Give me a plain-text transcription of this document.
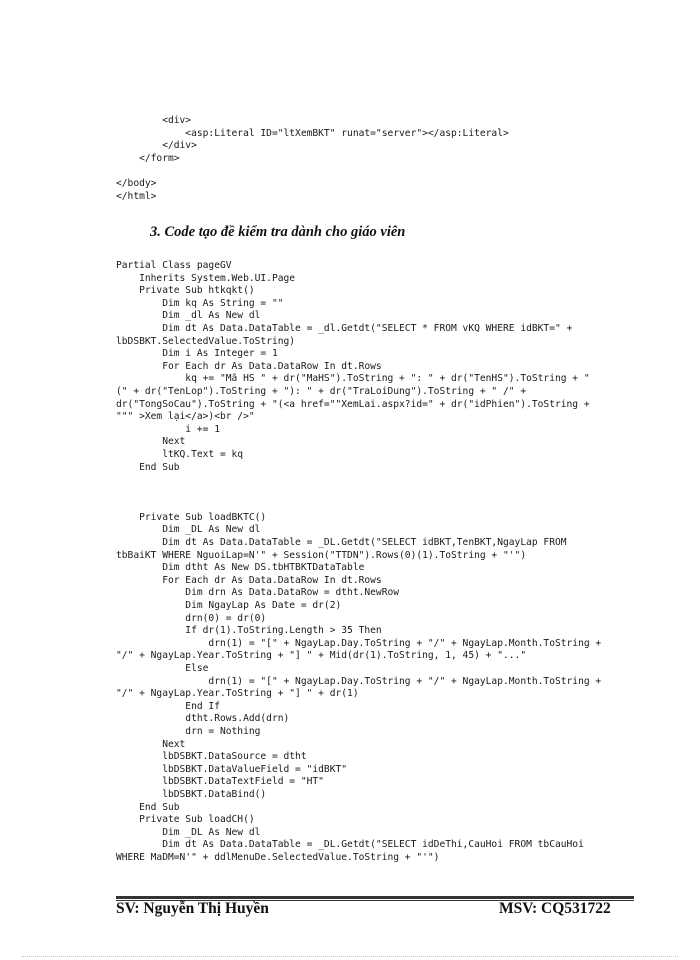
<div>
<asp:Literal ID="ltXemBKT" runat="server"></asp:Literal>
</div>
</form>
</body>
</html>
3. Code tạo đề kiểm tra dành cho giáo viên
Partial Class pageGV
Inherits System.Web.UI.Page
Private Sub htkqkt()
Dim kq As String = ""
Dim _dl As New dl
Dim dt As Data.DataTable = _dl.Getdt("SELECT * FROM vKQ WHERE idBKT=" +
lbDSBKT.SelectedValue.ToString)
Dim i As Integer = 1
For Each dr As Data.DataRow In dt.Rows
kq += "Mã HS " + dr("MaHS").ToString + ": " + dr("TenHS").ToString + "
(" + dr("TenLop").ToString + "): " + dr("TraLoiDung").ToString + " /" +
dr("TongSoCau").ToString + "(<a href=""XemLai.aspx?id=" + dr("idPhien").ToString +
""" >Xem lại</a>)<br />"
i += 1
Next
ltKQ.Text = kq
End Sub
Private Sub loadBKTC()
Dim _DL As New dl
Dim dt As Data.DataTable = _DL.Getdt("SELECT idBKT,TenBKT,NgayLap FROM
tbBaiKT WHERE NguoiLap=N'" + Session("TTDN").Rows(0)(1).ToString + "'")
Dim dtht As New DS.tbHTBKTDataTable
For Each dr As Data.DataRow In dt.Rows
Dim drn As Data.DataRow = dtht.NewRow
Dim NgayLap As Date = dr(2)
drn(0) = dr(0)
If dr(1).ToString.Length > 35 Then
drn(1) = "[" + NgayLap.Day.ToString + "/" + NgayLap.Month.ToString +
"/" + NgayLap.Year.ToString + "] " + Mid(dr(1).ToString, 1, 45) + "..."
Else
drn(1) = "[" + NgayLap.Day.ToString + "/" + NgayLap.Month.ToString +
"/" + NgayLap.Year.ToString + "] " + dr(1)
End If
dtht.Rows.Add(drn)
drn = Nothing
Next
lbDSBKT.DataSource = dtht
lbDSBKT.DataValueField = "idBKT"
lbDSBKT.DataTextField = "HT"
lbDSBKT.DataBind()
End Sub
Private Sub loadCH()
Dim _DL As New dl
Dim dt As Data.DataTable = _DL.Getdt("SELECT idDeThi,CauHoi FROM tbCauHoi
WHERE MaDM=N'" + ddlMenuDe.SelectedValue.ToString + "'")
SV: Nguyễn Thị Huyền	MSV: CQ531722
